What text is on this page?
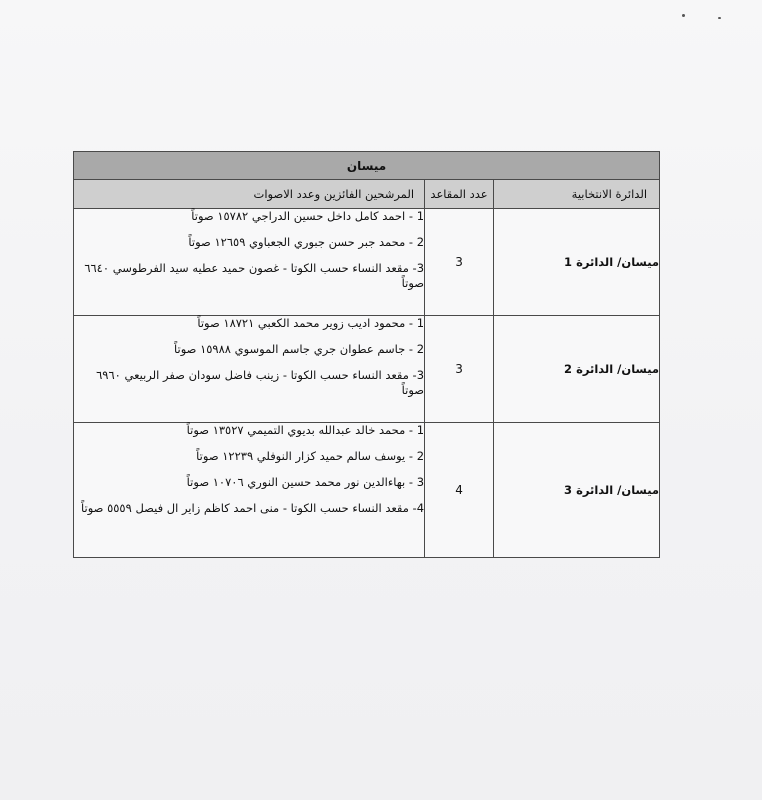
ميسان		
الدائرة الانتخابية	عدد المقاعد	المرشحين الفائزين وعدد الاصوات
ميسان/ الدائرة 1	3	1 - احمد كامل داخل حسين الدراجي ١٥٧٨٢ صوتاً
2 - محمد جبر حسن جبوري الجعباوي ١٢٦٥٩ صوتاً
3- مقعد النساء حسب الكوتا - غصون حميد عطيه سيد الفرطوسي ٦٦٤٠ صوتاً

ميسان/ الدائرة 2	3	1 - محمود اديب زوير محمد الكعبي ١٨٧٢١ صوتاً
2 - جاسم عطوان جري جاسم الموسوي ١٥٩٨٨ صوتاً
3- مقعد النساء حسب الكوتا - زينب فاضل سودان صفر الربيعي ٦٩٦٠ صوتاً

ميسان/ الدائرة 3	4	1 - محمد خالد عبدالله بديوي التميمي ١٣٥٢٧ صوتاً
2 - يوسف سالم حميد كزار النوفلي ١٢٢٣٩ صوتاً
3 - بهاءالدين نور محمد حسين النوري ١٠٧٠٦ صوتاً
4- مقعد النساء حسب الكوتا - منى احمد كاظم زاير ال فيصل ٥٥٥٩ صوتاً
